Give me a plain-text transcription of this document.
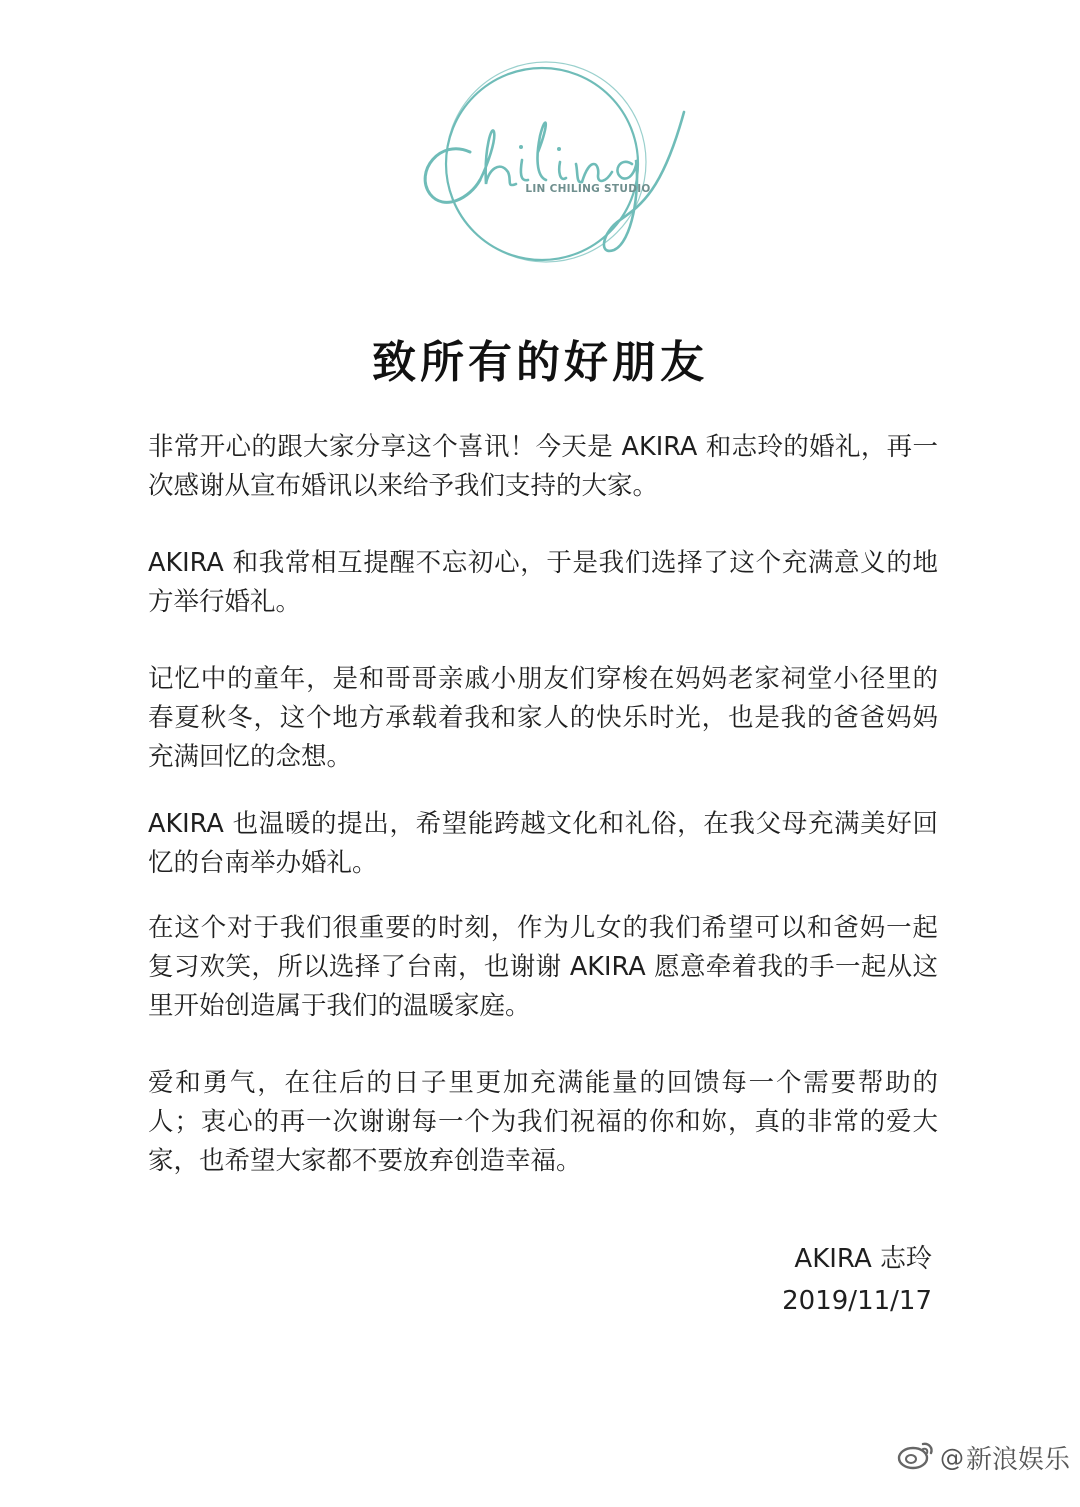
LIN CHILING STUDIO
致所有的好朋友

非常开心的跟大家分享这个喜讯！今天是 AKIRA 和志玲的婚礼，再一次感谢从宣布婚讯以来给予我们支持的大家。

AKIRA 和我常相互提醒不忘初心，于是我们选择了这个充满意义的地方举行婚礼。

记忆中的童年，是和哥哥亲戚小朋友们穿梭在妈妈老家祠堂小径里的春夏秋冬，这个地方承载着我和家人的快乐时光，也是我的爸爸妈妈充满回忆的念想。

AKIRA 也温暖的提出，希望能跨越文化和礼俗，在我父母充满美好回忆的台南举办婚礼。

在这个对于我们很重要的时刻，作为儿女的我们希望可以和爸妈一起复习欢笑，所以选择了台南，也谢谢 AKIRA 愿意牵着我的手一起从这里开始创造属于我们的温暖家庭。

爱和勇气，在往后的日子里更加充满能量的回馈每一个需要帮助的人；衷心的再一次谢谢每一个为我们祝福的你和妳，真的非常的爱大家，也希望大家都不要放弃创造幸福。

AKIRA 志玲
2019/11/17
@ 新浪娱乐
